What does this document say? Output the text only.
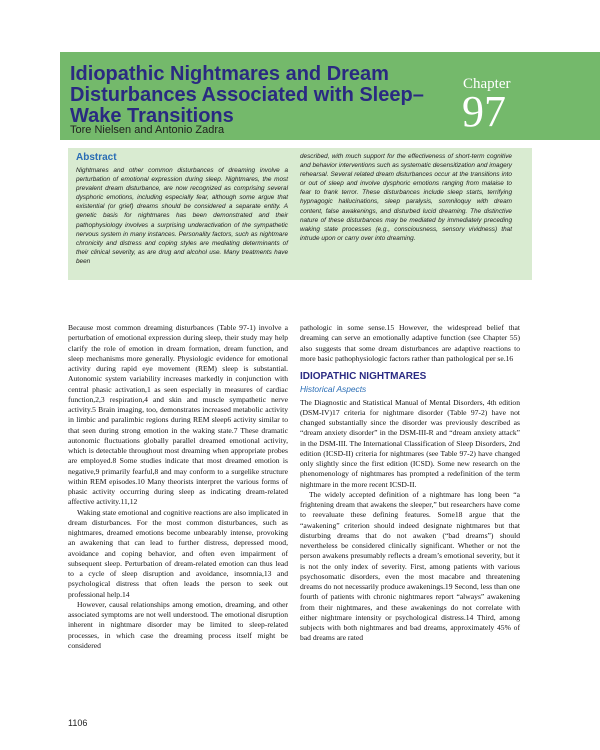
Idiopathic Nightmares and Dream Disturbances Associated with Sleep–Wake Transitions
Chapter
97
Tore Nielsen and Antonio Zadra
Abstract
Nightmares and other common disturbances of dreaming involve a perturbation of emotional expression during sleep. Nightmares, the most prevalent dream disturbance, are now recognized as comprising several dysphoric emotions, including especially fear, although some argue that existential (or grief) dreams should be considered a separate entity. A genetic basis for nightmares has been demonstrated and their pathophysiology involves a surprising underactivation of the sympathetic nervous system in many instances. Personality factors, such as nightmare chronicity and distress and coping styles are mediating determinants of their clinical severity, as are drug and alcohol use. Many treatments have been
described, with much support for the effectiveness of short-term cognitive and behavior interventions such as systematic desensitization and imagery rehearsal. Several related dream disturbances occur at the transitions into or out of sleep and involve dysphoric emotions ranging from malaise to fear to frank terror. These disturbances include sleep starts, terrifying hypnagogic hallucinations, sleep paralysis, somniloquy with dream content, false awakenings, and disturbed lucid dreaming. The distinctive nature of these disturbances may be mediated by immediately preceding waking state processes (e.g., consciousness, sensory vividness) that intrude upon or carry over into dreaming.

Because most common dreaming disturbances (Table 97-1) involve a perturbation of emotional expression during sleep, their study may help clarify the role of emotion in dream formation, dream function, and sleep mechanisms more generally. Physiologic evidence for emotional activity during rapid eye movement (REM) sleep is substantial. Autonomic system variability increases markedly in conjunction with central phasic activation,1 as seen especially in measures of cardiac function,2,3 respiration,4 and skin and muscle sympathetic nerve activity.5 Brain imaging, too, demonstrates increased metabolic activity in limbic and paralimbic regions during REM sleep6 activity similar to that seen during strong emotion in the waking state.7 These dramatic autonomic fluctuations globally parallel dreamed emotional activity, which is detectable throughout most dreaming when appropriate probes are employed.8 Some studies indicate that most dreamed emotion is negative,9 primarily fearful,8 and may conform to a surgelike structure within REM episodes.10 Many theorists interpret the various forms of phasic activity occurring during sleep as indicating dream-related affective activity.11,12

Waking state emotional and cognitive reactions are also implicated in dream disturbances. For the most common disturbances, such as nightmares, dreamed emotions become unbearably intense, provoking an awakening that can lead to further distress, depressed mood, avoidance and coping behavior, and often even impairment of subsequent sleep. Perturbation of dream-related emotion can thus lead to a cycle of sleep disruption and avoidance, insomnia,13 and psychological distress that often leads the person to seek out professional help.14

However, causal relationships among emotion, dreaming, and other associated symptoms are not well understood. The emotional disruption inherent in nightmare disorder may be limited to sleep-related processes, in which case the dreaming process itself might be considered

pathologic in some sense.15 However, the widespread belief that dreaming can serve an emotionally adaptive function (see Chapter 55) also suggests that some dream disturbances are adaptive reactions to more basic pathophysiologic factors rather than pathological per se.16

IDIOPATHIC NIGHTMARES
Historical Aspects

The Diagnostic and Statistical Manual of Mental Disorders, 4th edition (DSM-IV)17 criteria for nightmare disorder (Table 97-2) have not changed substantially since the disorder was previously described as “dream anxiety disorder” in the DSM-III-R and “dream anxiety attack” in the DSM-III. The International Classification of Sleep Disorders, 2nd edition (ICSD-II) criteria for nightmares (see Table 97-2) have changed only slightly since the first edition (ICSD). Some new research on the phenomenology of nightmares has prompted a redefinition of the term nightmare in the more recent ICSD-II.

The widely accepted definition of a nightmare has long been “a frightening dream that awakens the sleeper,” but researchers have come to reevaluate these defining features. Some18 argue that the “awakening” criterion should indeed designate nightmares but that disturbing dreams that do not awaken (“bad dreams”) should nevertheless be considered clinically significant. Whether or not the person awakens presumably reflects a dream’s emotional severity, but it is not the only index of severity. First, among patients with various psychosomatic disorders, even the most macabre and threatening dreams do not necessarily produce awakenings.19 Second, less than one fourth of patients with chronic nightmares report “always” awakening from their nightmares, and these awakenings do not correlate with either nightmare intensity or psychological distress.14 Third, among subjects with both nightmares and bad dreams, approximately 45% of bad dreams are rated

1106
